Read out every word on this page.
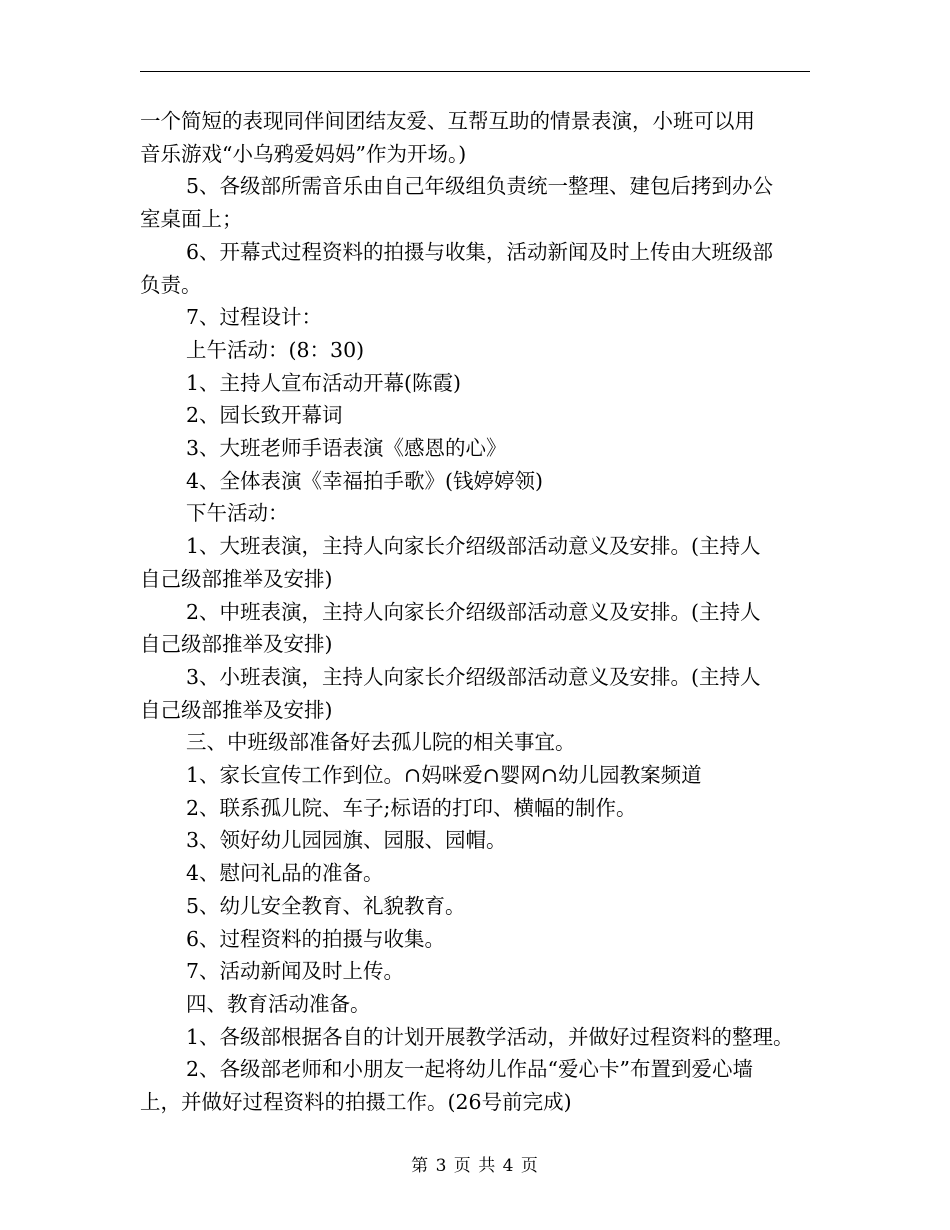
一个简短的表现同伴间团结友爱、互帮互助的情景表演，小班可以用
音乐游戏“小乌鸦爱妈妈”作为开场。)
5、各级部所需音乐由自己年级组负责统一整理、建包后拷到办公
室桌面上；
6、开幕式过程资料的拍摄与收集，活动新闻及时上传由大班级部
负责。
7、过程设计：
上午活动：(8：30)
1、主持人宣布活动开幕(陈霞)
2、园长致开幕词
3、大班老师手语表演《感恩的心》
4、全体表演《幸福拍手歌》(钱婷婷领)
下午活动：
1、大班表演，主持人向家长介绍级部活动意义及安排。(主持人
自己级部推举及安排)
2、中班表演，主持人向家长介绍级部活动意义及安排。(主持人
自己级部推举及安排)
3、小班表演，主持人向家长介绍级部活动意义及安排。(主持人
自己级部推举及安排)
三、中班级部准备好去孤儿院的相关事宜。
1、家长宣传工作到位。∩妈咪爱∩婴网∩幼儿园教案频道
2、联系孤儿院、车子;标语的打印、横幅的制作。
3、领好幼儿园园旗、园服、园帽。
4、慰问礼品的准备。
5、幼儿安全教育、礼貌教育。
6、过程资料的拍摄与收集。
7、活动新闻及时上传。
四、教育活动准备。
1、各级部根据各自的计划开展教学活动，并做好过程资料的整理。
2、各级部老师和小朋友一起将幼儿作品“爱心卡”布置到爱心墙
上，并做好过程资料的拍摄工作。(26号前完成)
第 3 页 共 4 页
